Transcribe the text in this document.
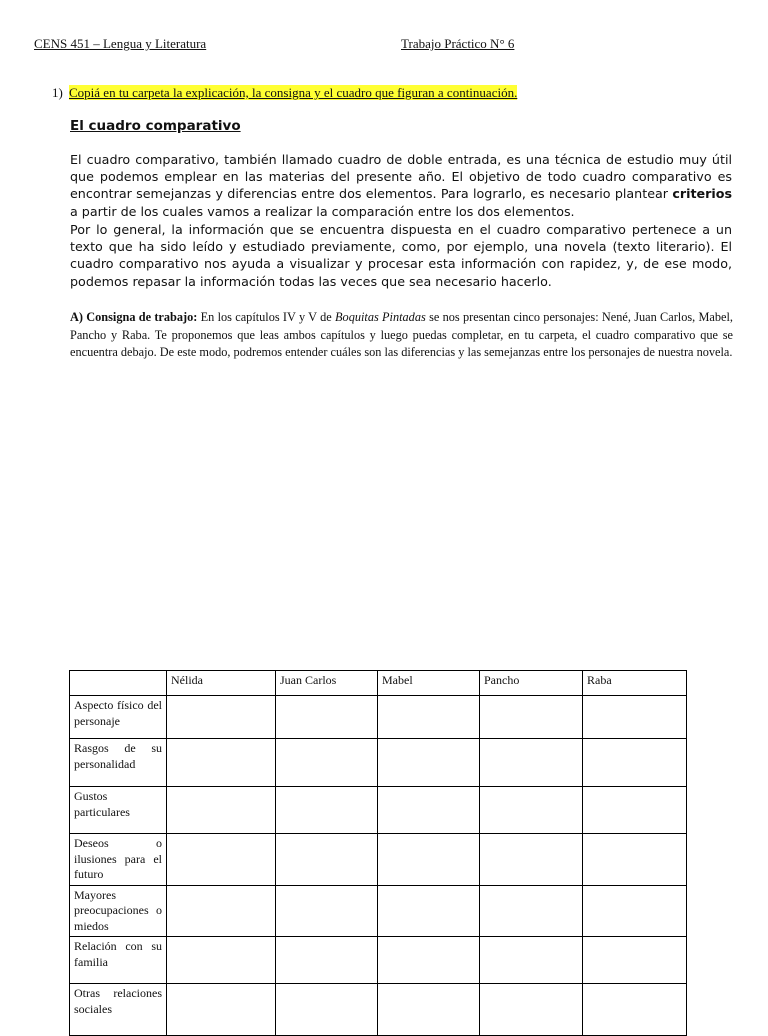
CENS 451 – Lengua y Literatura	Trabajo Práctico N° 6
1) Copiá en tu carpeta la explicación, la consigna y el cuadro que figuran a continuación.
El cuadro comparativo

El cuadro comparativo, también llamado cuadro de doble entrada, es una técnica de estudio muy útil que podemos emplear en las materias del presente año. El objetivo de todo cuadro comparativo es encontrar semejanzas y diferencias entre dos elementos. Para lograrlo, es necesario plantear criterios a partir de los cuales vamos a realizar la comparación entre los dos elementos.

Por lo general, la información que se encuentra dispuesta en el cuadro comparativo pertenece a un texto que ha sido leído y estudiado previamente, como, por ejemplo, una novela (texto literario). El cuadro comparativo nos ayuda a visualizar y procesar esta información con rapidez, y, de ese modo, podemos repasar la información todas las veces que sea necesario hacerlo.

A) Consigna de trabajo: En los capítulos IV y V de Boquitas Pintadas se nos presentan cinco personajes: Nené, Juan Carlos, Mabel, Pancho y Raba. Te proponemos que leas ambos capítulos y luego puedas completar, en tu carpeta, el cuadro comparativo que se encuentra debajo. De este modo, podremos entender cuáles son las diferencias y las semejanzas entre los personajes de nuestra novela.

	Nélida	Juan Carlos	Mabel	Pancho	Raba
Aspecto físico del personaje					
Rasgos de su personalidad					
Gustos particulares					
Deseos o ilusiones para el futuro					
Mayores preocupaciones o miedos					
Relación con su familia					
Otras relaciones sociales					
